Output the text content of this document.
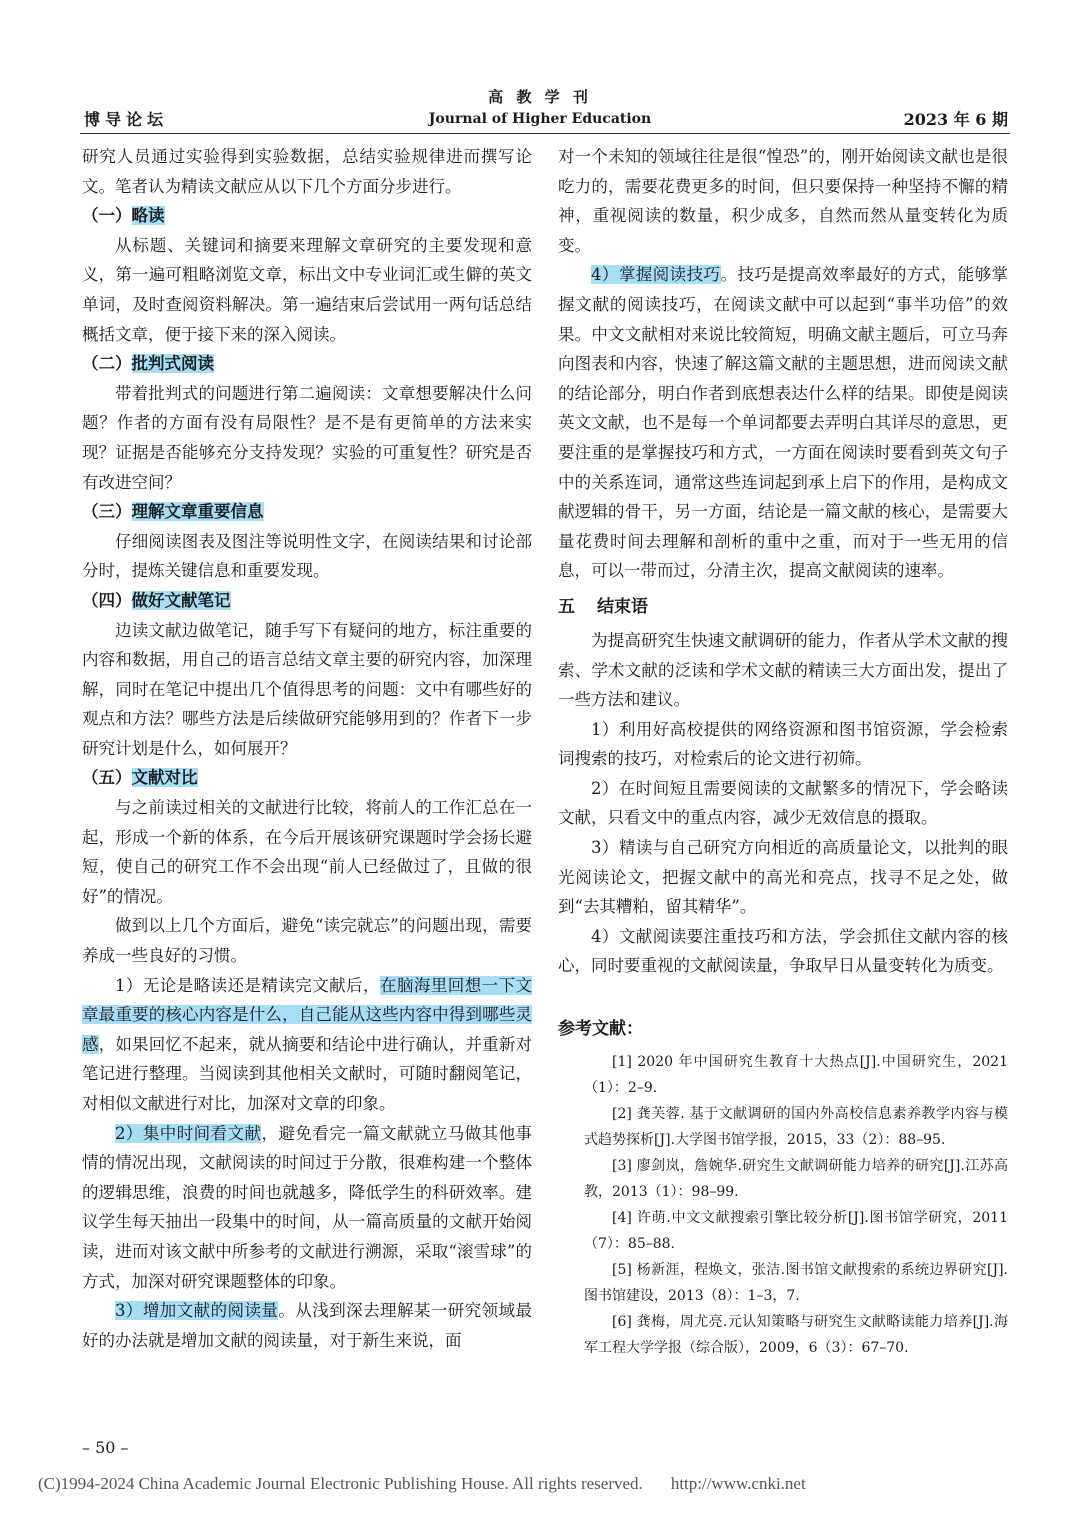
高 教 学 刊
Journal of Higher Education
博导论坛	2023 年 6 期

研究人员通过实验得到实验数据，总结实验规律进而撰写论文。笔者认为精读文献应从以下几个方面分步进行。

（一）略读

从标题、关键词和摘要来理解文章研究的主要发现和意义，第一遍可粗略浏览文章，标出文中专业词汇或生僻的英文单词，及时查阅资料解决。第一遍结束后尝试用一两句话总结概括文章，便于接下来的深入阅读。

（二）批判式阅读

带着批判式的问题进行第二遍阅读：文章想要解决什么问题？作者的方面有没有局限性？是不是有更简单的方法来实现？证据是否能够充分支持发现？实验的可重复性？研究是否有改进空间？

（三）理解文章重要信息

仔细阅读图表及图注等说明性文字，在阅读结果和讨论部分时，提炼关键信息和重要发现。

（四）做好文献笔记

边读文献边做笔记，随手写下有疑问的地方，标注重要的内容和数据，用自己的语言总结文章主要的研究内容，加深理解，同时在笔记中提出几个值得思考的问题：文中有哪些好的观点和方法？哪些方法是后续做研究能够用到的？作者下一步研究计划是什么，如何展开？

（五）文献对比

与之前读过相关的文献进行比较，将前人的工作汇总在一起，形成一个新的体系，在今后开展该研究课题时学会扬长避短，使自己的研究工作不会出现“前人已经做过了，且做的很好”的情况。

做到以上几个方面后，避免“读完就忘”的问题出现，需要养成一些良好的习惯。

1）无论是略读还是精读完文献后，在脑海里回想一下文章最重要的核心内容是什么，自己能从这些内容中得到哪些灵感，如果回忆不起来，就从摘要和结论中进行确认，并重新对笔记进行整理。当阅读到其他相关文献时，可随时翻阅笔记，对相似文献进行对比，加深对文章的印象。

2）集中时间看文献，避免看完一篇文献就立马做其他事情的情况出现，文献阅读的时间过于分散，很难构建一个整体的逻辑思维，浪费的时间也就越多，降低学生的科研效率。建议学生每天抽出一段集中的时间，从一篇高质量的文献开始阅读，进而对该文献中所参考的文献进行溯源，采取“滚雪球”的方式，加深对研究课题整体的印象。

3）增加文献的阅读量。从浅到深去理解某一研究领域最好的办法就是增加文献的阅读量，对于新生来说，面

对一个未知的领域往往是很“惶恐”的，刚开始阅读文献也是很吃力的，需要花费更多的时间，但只要保持一种坚持不懈的精神，重视阅读的数量，积少成多，自然而然从量变转化为质变。

4）掌握阅读技巧。技巧是提高效率最好的方式，能够掌握文献的阅读技巧，在阅读文献中可以起到“事半功倍”的效果。中文文献相对来说比较简短，明确文献主题后，可立马奔向图表和内容，快速了解这篇文献的主题思想，进而阅读文献的结论部分，明白作者到底想表达什么样的结果。即使是阅读英文文献，也不是每一个单词都要去弄明白其详尽的意思，更要注重的是掌握技巧和方式，一方面在阅读时要看到英文句子中的关系连词，通常这些连词起到承上启下的作用，是构成文献逻辑的骨干，另一方面，结论是一篇文献的核心，是需要大量花费时间去理解和剖析的重中之重，而对于一些无用的信息，可以一带而过，分清主次，提高文献阅读的速率。

五 结束语

为提高研究生快速文献调研的能力，作者从学术文献的搜索、学术文献的泛读和学术文献的精读三大方面出发，提出了一些方法和建议。

1）利用好高校提供的网络资源和图书馆资源，学会检索词搜索的技巧，对检索后的论文进行初筛。

2）在时间短且需要阅读的文献繁多的情况下，学会略读文献，只看文中的重点内容，减少无效信息的摄取。

3）精读与自己研究方向相近的高质量论文，以批判的眼光阅读论文，把握文献中的高光和亮点，找寻不足之处，做到“去其糟粕，留其精华”。

4）文献阅读要注重技巧和方法，学会抓住文献内容的核心，同时要重视的文献阅读量，争取早日从量变转化为质变。

参考文献：

[1] 2020 年中国研究生教育十大热点[J].中国研究生，2021（1）：2–9.

[2] 龚芙蓉. 基于文献调研的国内外高校信息素养教学内容与模式趋势探析[J].大学图书馆学报，2015，33（2）：88–95.

[3] 廖剑岚，詹婉华.研究生文献调研能力培养的研究[J].江苏高教，2013（1）：98–99.

[4] 许萌.中文文献搜索引擎比较分析[J].图书馆学研究，2011（7）：85–88.

[5] 杨新涯，程焕文，张洁.图书馆文献搜索的系统边界研究[J].图书馆建设，2013（8）：1–3，7.

[6] 龚梅，周尤亮.元认知策略与研究生文献略读能力培养[J].海军工程大学学报（综合版），2009，6（3）：67–70.

– 50 –
(C)1994-2024 China Academic Journal Electronic Publishing House. All rights reserved. http://www.cnki.net
